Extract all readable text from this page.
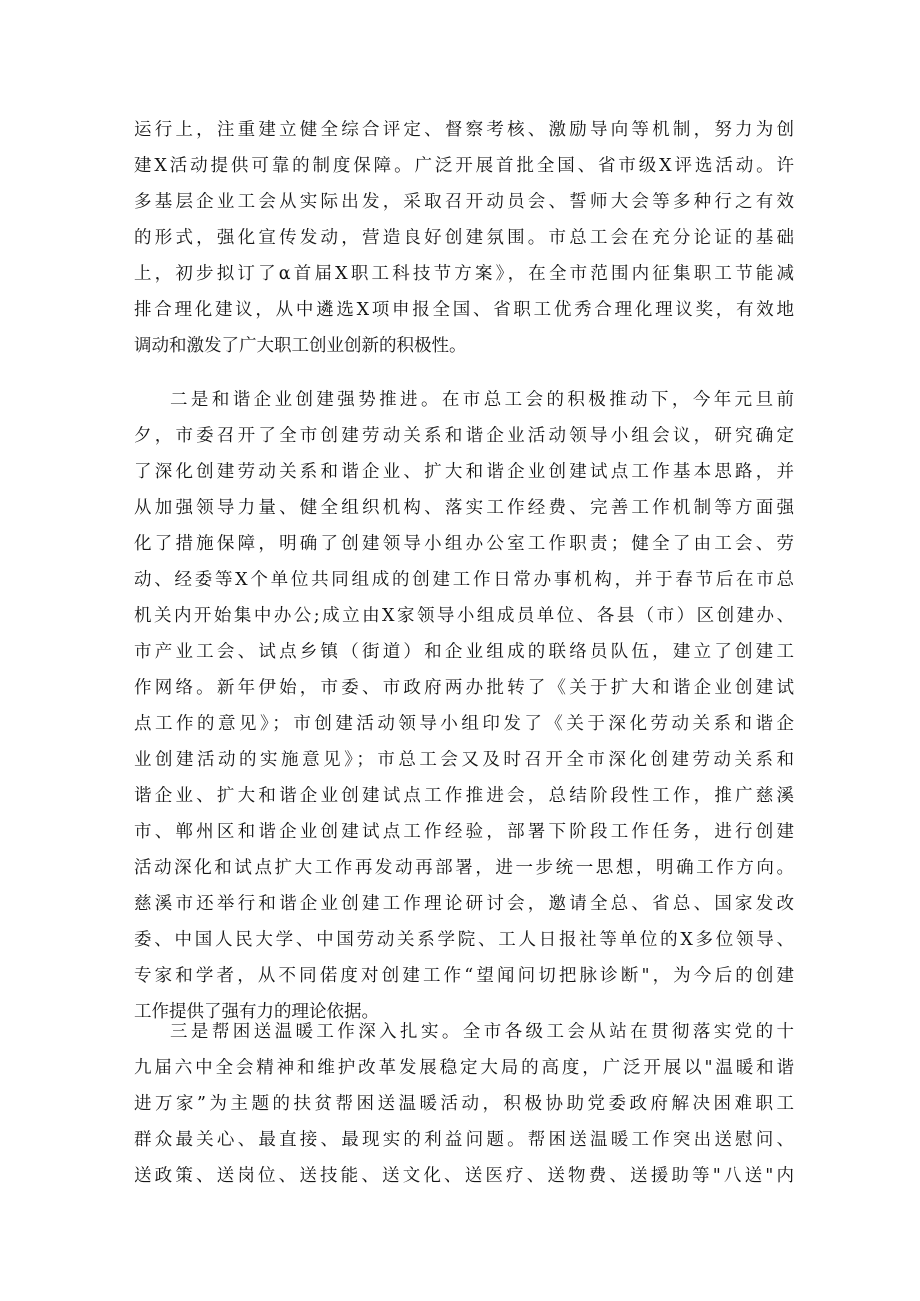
运行上，注重建立健全综合评定、督察考核、激励导向等机制，努力为创
建X活动提供可靠的制度保障。广泛开展首批全国、省市级X评选活动。许
多基层企业工会从实际出发，采取召开动员会、誓师大会等多种行之有效
的形式，强化宣传发动，营造良好创建氛围。市总工会在充分论证的基础
上，初步拟订了α首届X职工科技节方案》，在全市范围内征集职工节能减
排合理化建议，从中遴选X项申报全国、省职工优秀合理化理议奖，有效地
调动和激发了广大职工创业创新的积极性。
二是和谐企业创建强势推进。在市总工会的积极推动下，今年元旦前
夕，市委召开了全市创建劳动关系和谐企业活动领导小组会议，研究确定
了深化创建劳动关系和谐企业、扩大和谐企业创建试点工作基本思路，并
从加强领导力量、健全组织机构、落实工作经费、完善工作机制等方面强
化了措施保障，明确了创建领导小组办公室工作职责；健全了由工会、劳
动、经委等X个单位共同组成的创建工作日常办事机构，并于春节后在市总
机关内开始集中办公;成立由X家领导小组成员单位、各县（市）区创建办、
市产业工会、试点乡镇（街道）和企业组成的联络员队伍，建立了创建工
作网络。新年伊始，市委、市政府两办批转了《关于扩大和谐企业创建试
点工作的意见》；市创建活动领导小组印发了《关于深化劳动关系和谐企
业创建活动的实施意见》；市总工会又及时召开全市深化创建劳动关系和
谐企业、扩大和谐企业创建试点工作推进会，总结阶段性工作，推广慈溪
市、郸州区和谐企业创建试点工作经验，部署下阶段工作任务，进行创建
活动深化和试点扩大工作再发动再部署，进一步统一思想，明确工作方向。
慈溪市还举行和谐企业创建工作理论研讨会，邀请全总、省总、国家发改
委、中国人民大学、中国劳动关系学院、工人日报社等单位的X多位领导、
专家和学者，从不同偌度对创建工作“望闻问切把脉诊断"，为今后的创建
工作提供了强有力的理论依据。
三是帮困送温暖工作深入扎实。全市各级工会从站在贯彻落实党的十
九届六中全会精神和维护改革发展稳定大局的高度，广泛开展以"温暖和谐
进万家”为主题的扶贫帮困送温暖活动，积极协助党委政府解决困难职工
群众最关心、最直接、最现实的利益问题。帮困送温暖工作突出送慰问、
送政策、送岗位、送技能、送文化、送医疗、送物费、送援助等"八送"内
